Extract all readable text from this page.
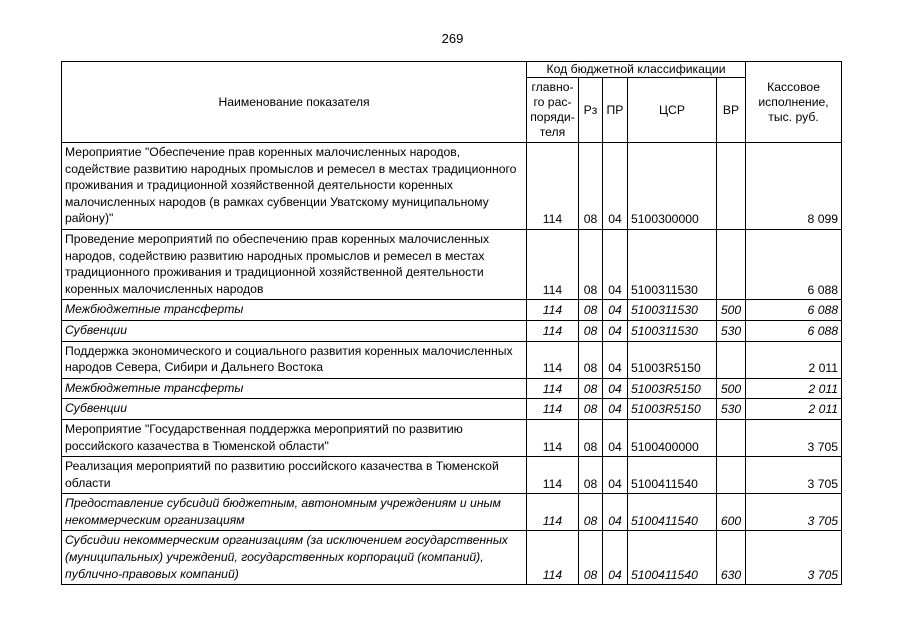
269
Наименование показателя	Код бюджетной классификации					Кассовое исполнение, тыс. руб.
	главно-го рас-поряди-теля	Рз	ПР	ЦСР	ВР	
Мероприятие "Обеспечение прав коренных малочисленных народов, содействие развитию народных промыслов и ремесел в местах традиционного проживания и традиционной хозяйственной деятельности коренных малочисленных народов (в рамках субвенции Уватскому муниципальному району)"	114	08	04	5100300000		8 099
Проведение мероприятий по обеспечению прав коренных малочисленных народов, содействию развитию народных промыслов и ремесел в местах традиционного проживания и традиционной хозяйственной деятельности коренных малочисленных народов	114	08	04	5100311530		6 088
Межбюджетные трансферты	114	08	04	5100311530	500	6 088
Субвенции	114	08	04	5100311530	530	6 088
Поддержка экономического и социального развития коренных малочисленных народов Севера, Сибири и Дальнего Востока	114	08	04	51003R5150		2 011
Межбюджетные трансферты	114	08	04	51003R5150	500	2 011
Субвенции	114	08	04	51003R5150	530	2 011
Мероприятие "Государственная поддержка мероприятий по развитию российского казачества в Тюменской области"	114	08	04	5100400000		3 705
Реализация мероприятий по развитию российского казачества в Тюменской области	114	08	04	5100411540		3 705
Предоставление субсидий бюджетным, автономным учреждениям и иным некоммерческим организациям	114	08	04	5100411540	600	3 705
Субсидии некоммерческим организациям (за исключением государственных (муниципальных) учреждений, государственных корпораций (компаний), публично-правовых компаний)	114	08	04	5100411540	630	3 705
